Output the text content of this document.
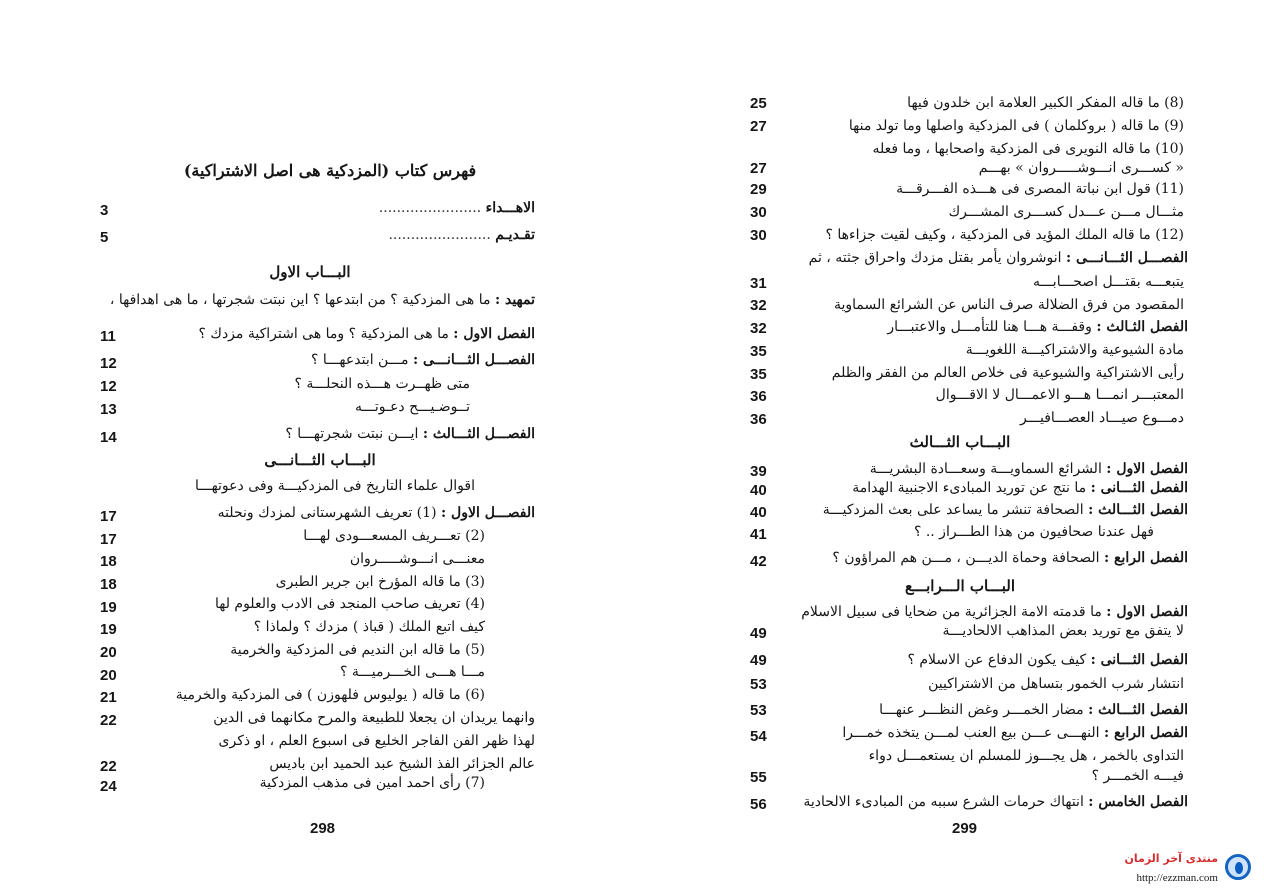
فهرس كتاب (المزدكية هى اصل الاشتراكية)
الاهـــداء .......................
3
تقـديـم .......................
5
البـــاب الاول
تمهيد : ما هى المزدكية ؟ من ابتدعها ؟ اين نبتت شجرتها ، ما هى اهدافها ،
الفصل الاول : ما هى المزدكية ؟ وما هى اشتراكية مزدك ؟
11
الفصـــل الثـــانـــى : مـــن ابتدعهـــا ؟
12
متى ظهــرت هـــذه النحلـــة ؟
12
تــوضـيـــح دعـوتـــه
13
الفصـــل الثـــالث : ايـــن نبتت شجرتهـــا ؟
14
البـــاب الثـــانـــى
اقوال علماء التاريخ فى المزدكيـــة وفى دعوتهـــا
الفصـــل الاول : (1) تعريف الشهرستانى لمزدك ونحلته
17
(2) تعـــريف المسعـــودى لهـــا
17
معنـــى انـــوشـــــروان
18
(3) ما قاله المؤرخ ابن جرير الطبرى
18
(4) تعريف صاحب المنجد فى الادب والعلوم لها
19
كيف اتبع الملك ( قباذ ) مزدك ؟ ولماذا ؟
19
(5) ما قاله ابن النديم فى المزدكية والخرمية
20
مـــا هـــى الخـــرميـــة ؟
20
(6) ما قاله ( يوليوس فلهوزن ) فى المزدكية والخرمية
21
وانهما يريدان ان يجعلا للطبيعة والمرح مكانهما فى الدين
22
لهذا ظهر الفن الفاجر الخليع فى اسبوع العلم ، او ذكرى
عالم الجزائر الفذ الشيخ عبد الحميد ابن باديس
22
(7) رأى احمد امين فى مذهب المزدكية
24
298
(8) ما قاله المفكر الكبير العلامة ابن خلدون فيها
25
(9) ما قاله ( بروكلمان ) فى المزدكية واصلها وما تولد منها
27
(10) ما قاله النويرى فى المزدكية واصحابها ، وما فعله
« كســـرى انـــوشـــــروان » بهـــم
27
(11) قول ابن نباتة المصرى فى هـــذه الفـــرقـــة
29
مثـــال مـــن عـــدل كســـرى المشـــرك
30
(12) ما قاله الملك المؤيد فى المزدكية ، وكيف لقيت جزاءها ؟
30
الفصـــل الثـــانـــى : انوشروان يأمر بقتل مزدك واحراق جثته ، ثم
يتبعـــه بقتـــل اصحـــابـــه
31
المقصود من فرق الضلالة صرف الناس عن الشرائع السماوية
32
الفصل الثـالث : وقفـــة هـــا هنا للتأمـــل والاعتبـــار
32
مادة الشيوعية والاشتراكيـــة اللغويـــة
35
رأيى الاشتراكية والشيوعية فى خلاص العالم من الفقر والظلم
35
المعتبـــر انمـــا هـــو الاعمـــال لا الاقـــوال
36
دمـــوع صيـــاد العصـــافيـــر
36
البـــاب الثـــالث
الفصل الاول : الشرائع السماويـــة وسعـــادة البشريـــة
39
الفصل الثـــانى : ما نتج عن توريد المبادىء الاجنبية الهدامة
40
الفصل الثـــالث : الصحافة تنشر ما يساعد على بعث المزدكيـــة
40
فهل عندنا صحافيون من هذا الطـــراز .. ؟
41
الفصل الرابع : الصحافة وحماة الديـــن ، مـــن هم المراؤون ؟
42
البـــاب الـــرابـــع
الفصل الاول : ما قدمته الامة الجزائرية من ضحايا فى سبيل الاسلام
لا يتفق مع توريد بعض المذاهب الالحاديـــة
49
الفصل الثـــانى : كيف يكون الدفاع عن الاسلام ؟
49
انتشار شرب الخمور بتساهل من الاشتراكيين
53
الفصل الثـــالث : مضار الخمـــر وغض النظـــر عنهـــا
53
الفصل الرابع : النهـــى عـــن بيع العنب لمـــن يتخذه خمـــرا
54
التداوى بالخمر ، هل يجـــوز للمسلم ان يستعمـــل دواء
فيـــه الخمـــر ؟
55
الفصل الخامس : انتهاك حرمات الشرع سببه من المبادىء الالحادية
56
299
منتدى آخر الزمان
http://ezzman.com
